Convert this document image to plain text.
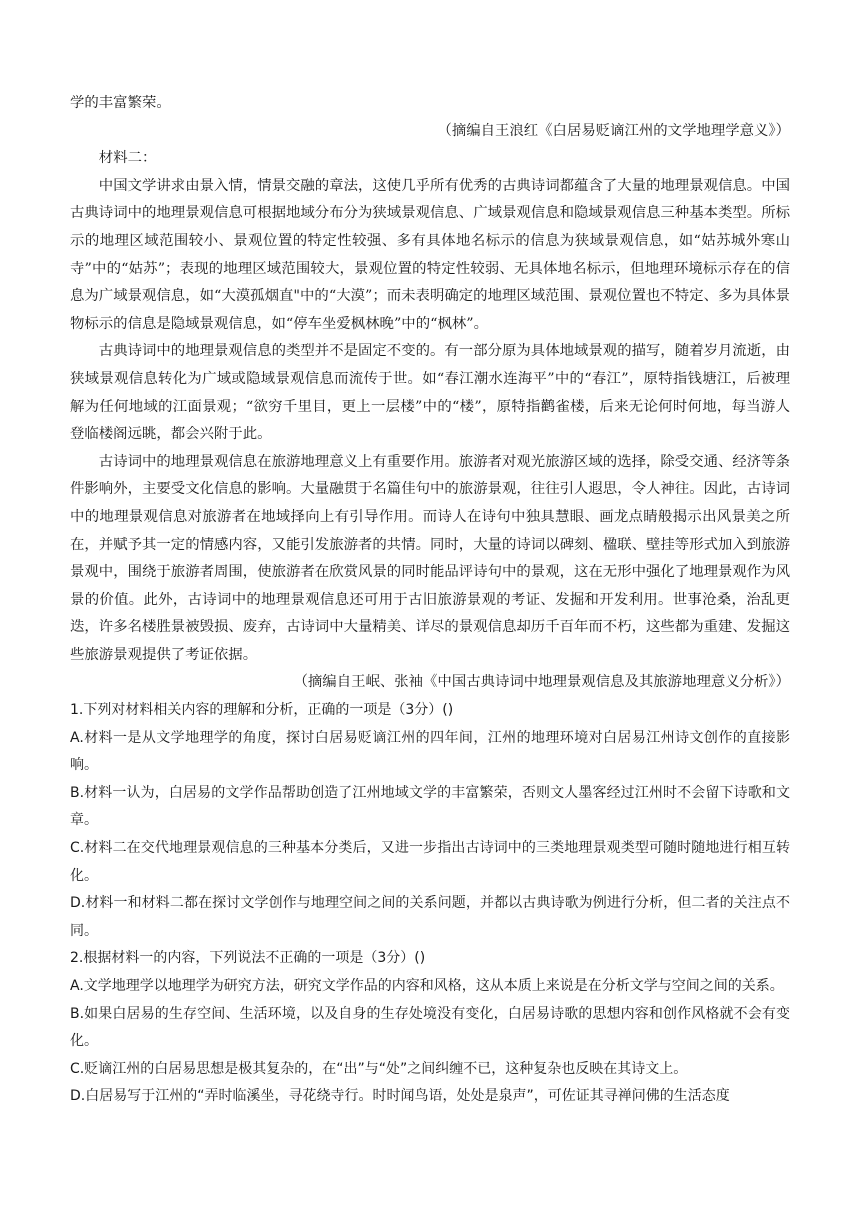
学的丰富繁荣。

（摘编自王浪红《白居易贬谪江州的文学地理学意义》）

材料二：

中国文学讲求由景入情，情景交融的章法，这使几乎所有优秀的古典诗词都蕴含了大量的地理景观信息。中国古典诗词中的地理景观信息可根据地域分布分为狭域景观信息、广域景观信息和隐域景观信息三种基本类型。所标示的地理区域范围较小、景观位置的特定性较强、多有具体地名标示的信息为狭域景观信息，如“姑苏城外寒山寺”中的“姑苏”；表现的地理区域范围较大，景观位置的特定性较弱、无具体地名标示，但地理环境标示存在的信息为广域景观信息，如“大漠孤烟直"中的“大漠”；而未表明确定的地理区域范围、景观位置也不特定、多为具体景物标示的信息是隐域景观信息，如“停车坐爱枫林晚”中的“枫林”。

古典诗词中的地理景观信息的类型并不是固定不变的。有一部分原为具体地域景观的描写，随着岁月流逝，由狭域景观信息转化为广域或隐域景观信息而流传于世。如“春江潮水连海平”中的“春江”，原特指钱塘江，后被理解为任何地域的江面景观；“欲穷千里目，更上一层楼”中的“楼”，原特指鹳雀楼，后来无论何时何地，每当游人登临楼阁远眺，都会兴附于此。

古诗词中的地理景观信息在旅游地理意义上有重要作用。旅游者对观光旅游区域的选择，除受交通、经济等条件影响外，主要受文化信息的影响。大量融贯于名篇佳句中的旅游景观，往往引人遐思，令人神往。因此，古诗词中的地理景观信息对旅游者在地域择向上有引导作用。而诗人在诗句中独具慧眼、画龙点睛般揭示出风景美之所在，并赋予其一定的情感内容，又能引发旅游者的共情。同时，大量的诗词以碑刻、楹联、壁挂等形式加入到旅游景观中，围绕于旅游者周围，使旅游者在欣赏风景的同时能品评诗句中的景观，这在无形中强化了地理景观作为风景的价值。此外，古诗词中的地理景观信息还可用于古旧旅游景观的考证、发掘和开发利用。世事沧桑，治乱更迭，许多名楼胜景被毁损、废弃，古诗词中大量精美、详尽的景观信息却历千百年而不朽，这些都为重建、发掘这些旅游景观提供了考证依据。

（摘编自王岷、张袖《中国古典诗词中地理景观信息及其旅游地理意义分析》）

1.下列对材料相关内容的理解和分析，正确的一项是（3分）()

A.材料一是从文学地理学的角度，探讨白居易贬谪江州的四年间，江州的地理环境对白居易江州诗文创作的直接影响。

B.材料一认为，白居易的文学作品帮助创造了江州地域文学的丰富繁荣，否则文人墨客经过江州时不会留下诗歌和文章。

C.材料二在交代地理景观信息的三种基本分类后，又进一步指出古诗词中的三类地理景观类型可随时随地进行相互转化。

D.材料一和材料二都在探讨文学创作与地理空间之间的关系问题，并都以古典诗歌为例进行分析，但二者的关注点不同。

2.根据材料一的内容，下列说法不正确的一项是（3分）()

A.文学地理学以地理学为研究方法，研究文学作品的内容和风格，这从本质上来说是在分析文学与空间之间的关系。

B.如果白居易的生存空间、生活环境，以及自身的生存处境没有变化，白居易诗歌的思想内容和创作风格就不会有变化。

C.贬谪江州的白居易思想是极其复杂的，在“出”与“处”之间纠缠不已，这种复杂也反映在其诗文上。

D.白居易写于江州的“弄时临溪坐，寻花绕寺行。时时闻鸟语，处处是泉声”，可佐证其寻禅问佛的生活态度
